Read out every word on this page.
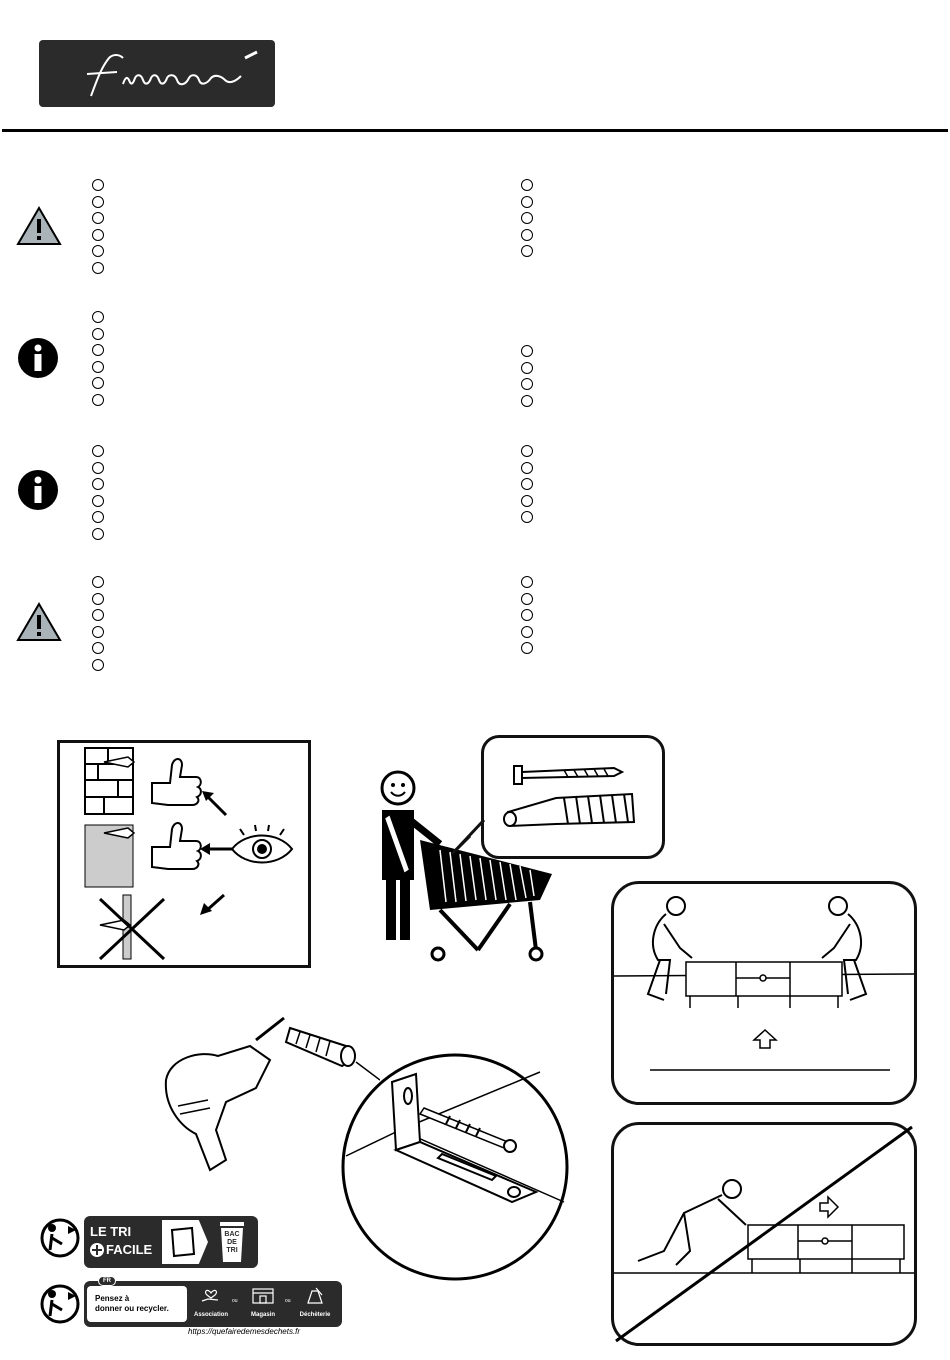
LE TRI
FACILE
BAC
DE
TRI
FR
Pensez à
donner ou recycler.
Association
ou
Magasin
ou
Déchèterie
https://quefairedemesdechets.fr
